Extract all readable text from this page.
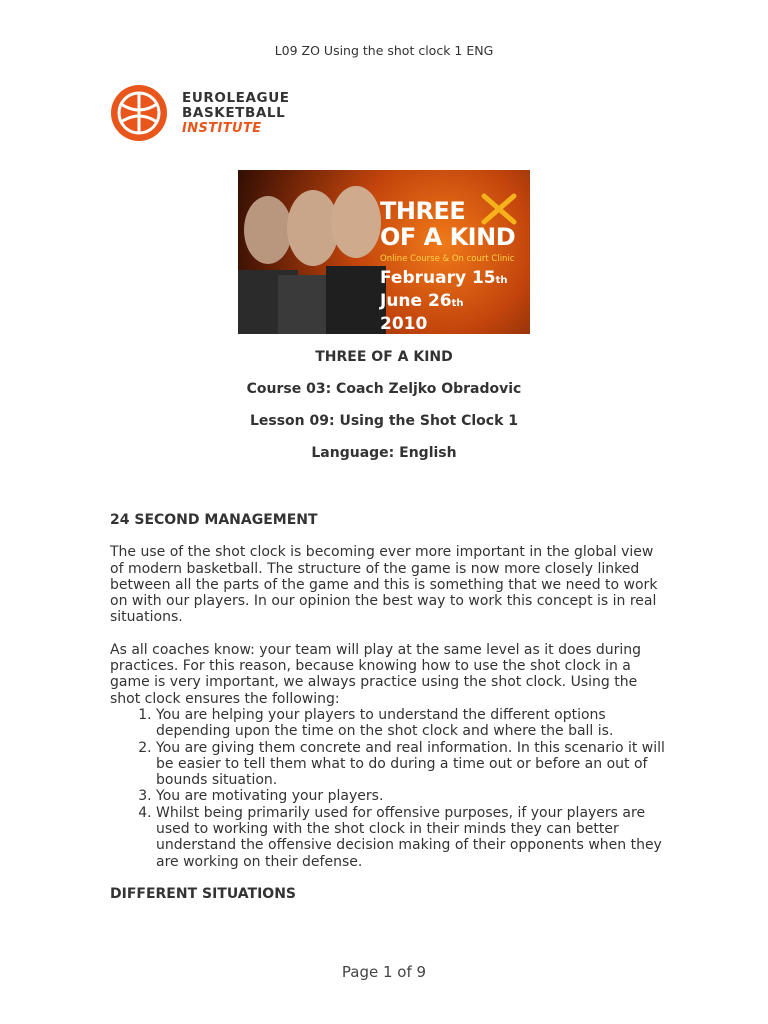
L09 ZO Using the shot clock 1 ENG
EUROLEAGUE
BASKETBALL
INSTITUTE
THREE
OF A KIND
Online Course & On court Clinic
February 15th
June 26th
2010

THREE OF A KIND

Course 03: Coach Zeljko Obradovic

Lesson 09: Using the Shot Clock 1

Language: English

24 SECOND MANAGEMENT

The use of the shot clock is becoming ever more important in the global view of modern basketball. The structure of the game is now more closely linked between all the parts of the game and this is something that we need to work on with our players. In our opinion the best way to work this concept is in real situations.

As all coaches know: your team will play at the same level as it does during practices. For this reason, because knowing how to use the shot clock in a game is very important, we always practice using the shot clock. Using the shot clock ensures the following:

1. You are helping your players to understand the different options depending upon the time on the shot clock and where the ball is.
2. You are giving them concrete and real information. In this scenario it will be easier to tell them what to do during a time out or before an out of bounds situation.
3. You are motivating your players.
4. Whilst being primarily used for offensive purposes, if your players are used to working with the shot clock in their minds they can better understand the offensive decision making of their opponents when they are working on their defense.
DIFFERENT SITUATIONS
Page 1 of 9
